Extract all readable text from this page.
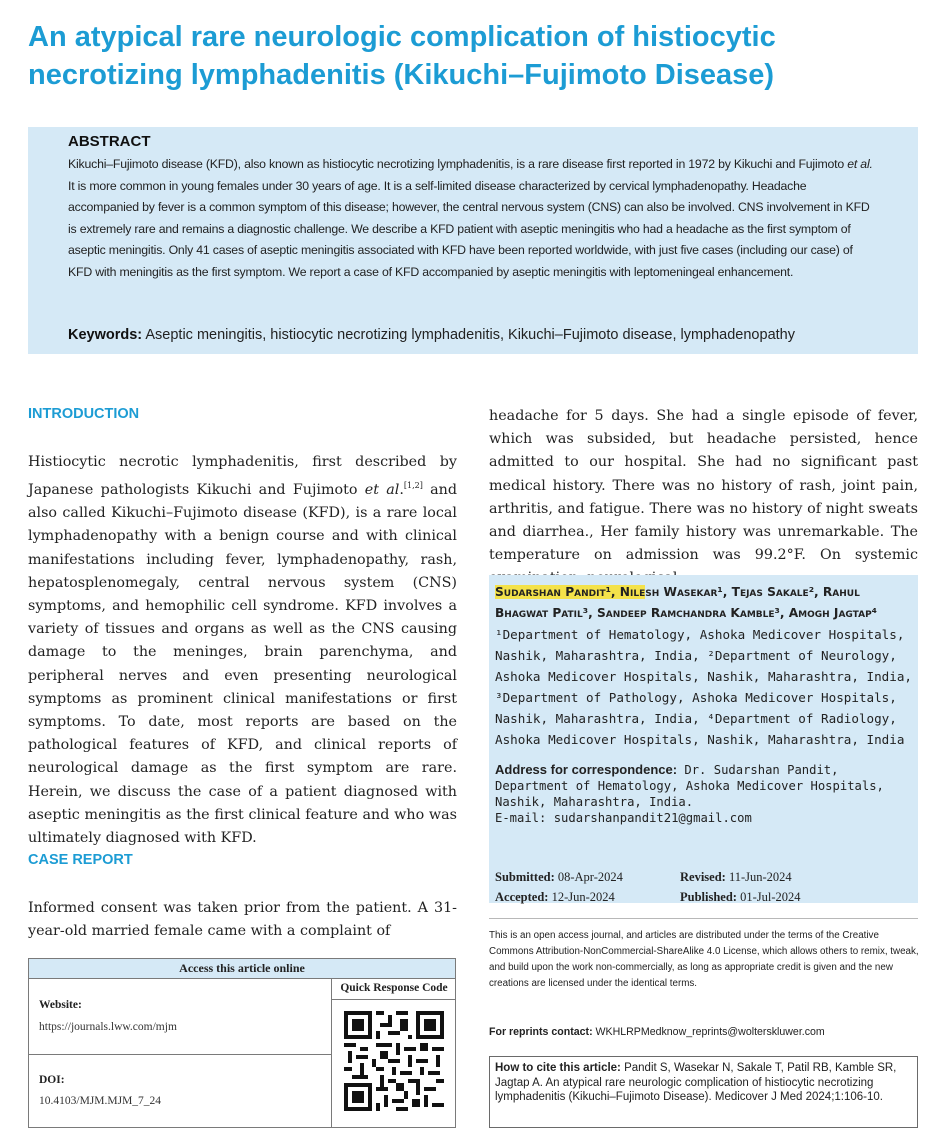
An atypical rare neurologic complication of histiocytic necrotizing lymphadenitis (Kikuchi–Fujimoto Disease)

ABSTRACT

Kikuchi–Fujimoto disease (KFD), also known as histiocytic necrotizing lymphadenitis, is a rare disease first reported in 1972 by Kikuchi and Fujimoto et al. It is more common in young females under 30 years of age. It is a self-limited disease characterized by cervical lymphadenopathy. Headache accompanied by fever is a common symptom of this disease; however, the central nervous system (CNS) can also be involved. CNS involvement in KFD is extremely rare and remains a diagnostic challenge. We describe a KFD patient with aseptic meningitis who had a headache as the first symptom of aseptic meningitis. Only 41 cases of aseptic meningitis associated with KFD have been reported worldwide, with just five cases (including our case) of KFD with meningitis as the first symptom. We report a case of KFD accompanied by aseptic meningitis with leptomeningeal enhancement.

Keywords: Aseptic meningitis, histiocytic necrotizing lymphadenitis, Kikuchi–Fujimoto disease, lymphadenopathy
INTRODUCTION

Histiocytic necrotic lymphadenitis, first described by Japanese pathologists Kikuchi and Fujimoto et al.[1,2] and also called Kikuchi–Fujimoto disease (KFD), is a rare local lymphadenopathy with a benign course and with clinical manifestations including fever, lymphadenopathy, rash, hepatosplenomegaly, central nervous system (CNS) symptoms, and hemophilic cell syndrome. KFD involves a variety of tissues and organs as well as the CNS causing damage to the meninges, brain parenchyma, and peripheral nerves and even presenting neurological symptoms as prominent clinical manifestations or first symptoms. To date, most reports are based on the pathological features of KFD, and clinical reports of neurological damage as the first symptom are rare. Herein, we discuss the case of a patient diagnosed with aseptic meningitis as the first clinical feature and who was ultimately diagnosed with KFD.

CASE REPORT

Informed consent was taken prior from the patient. A 31-year-old married female came with a complaint of

headache for 5 days. She had a single episode of fever, which was subsided, but headache persisted, hence admitted to our hospital. She had no significant past medical history. There was no history of rash, joint pain, arthritis, and fatigue. There was no history of night sweats and diarrhea., Her family history was unremarkable. The temperature on admission was 99.2°F. On systemic

Sudarshan Pandit¹, Nilesh Wasekar¹, Tejas Sakale², Rahul Bhagwat Patil³, Sandeep Ramchandra Kamble³, Amogh Jagtap⁴

¹Department of Hematology, Ashoka Medicover Hospitals, Nashik, Maharashtra, India, ²Department of Neurology, Ashoka Medicover Hospitals, Nashik, Maharashtra, India, ³Department of Pathology, Ashoka Medicover Hospitals, Nashik, Maharashtra, India, ⁴Department of Radiology, Ashoka Medicover Hospitals, Nashik, Maharashtra, India

Address for correspondence: Dr. Sudarshan Pandit, Department of Hematology, Ashoka Medicover Hospitals, Nashik, Maharashtra, India.
E-mail: sudarshanpandit21@gmail.com

Submitted: 08-Apr-2024	Revised: 11-Jun-2024
Accepted: 12-Jun-2024	Published: 01-Jul-2024

This is an open access journal, and articles are distributed under the terms of the Creative Commons Attribution-NonCommercial-ShareAlike 4.0 License, which allows others to remix, tweak, and build upon the work non-commercially, as long as appropriate credit is given and the new creations are licensed under the identical terms.

For reprints contact: WKHLRPMedknow_reprints@wolterskluwer.com

How to cite this article: Pandit S, Wasekar N, Sakale T, Patil RB, Kamble SR, Jagtap A. An atypical rare neurologic complication of histiocytic necrotizing lymphadenitis (Kikuchi–Fujimoto Disease). Medicover J Med 2024;1:106-10.
Access this article online
Quick Response Code
Website:
https://journals.lww.com/mjm
DOI:
10.4103/MJM.MJM_7_24
